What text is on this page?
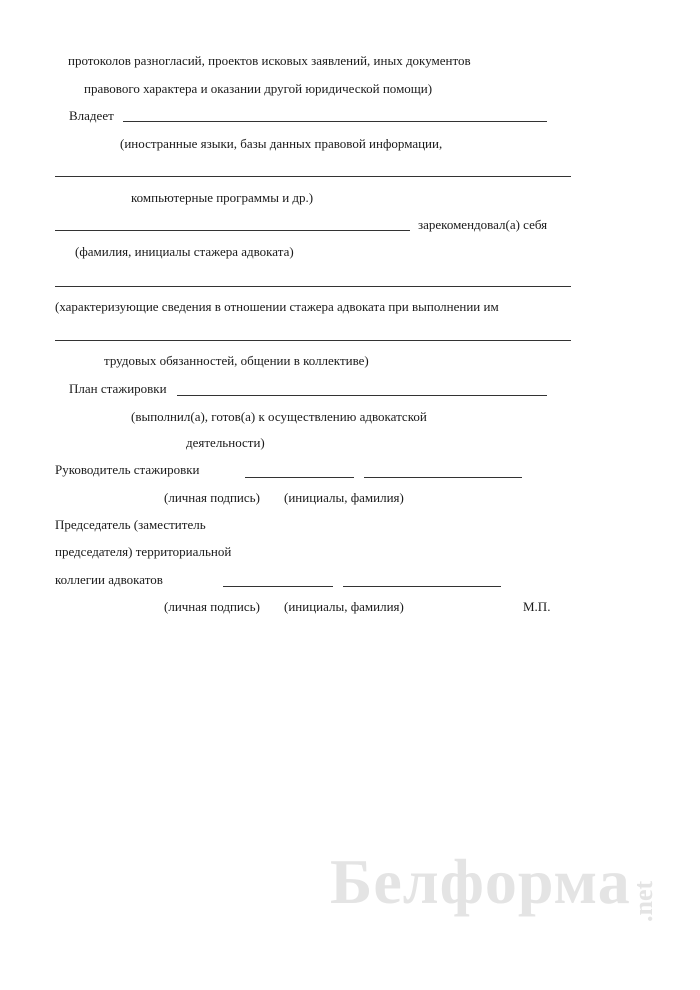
протоколов разногласий, проектов исковых заявлений, иных документов
правового характера и оказании другой юридической помощи)
Владеет
(иностранные языки, базы данных правовой информации,
компьютерные программы и др.)
зарекомендовал(а) себя
(фамилия, инициалы стажера адвоката)
(характеризующие сведения в отношении стажера адвоката при выполнении им
трудовых обязанностей, общении в коллективе)
План стажировки
(выполнил(а), готов(а) к осуществлению адвокатской
деятельности)
Руководитель стажировки
(личная подпись) (инициалы, фамилия)
Председатель (заместитель
председателя) территориальной
коллегии адвокатов
(личная подпись) (инициалы, фамилия)	М.П.
Белформа
.net
